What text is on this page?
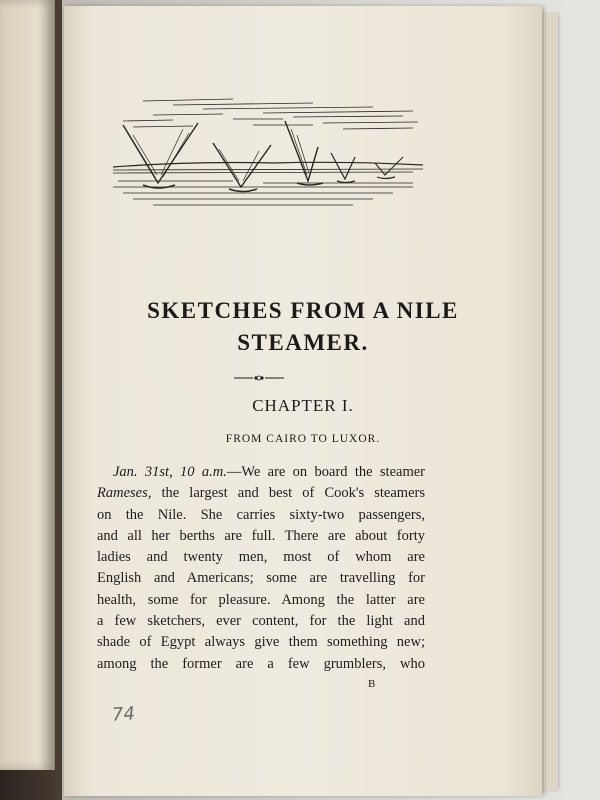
SKETCHES FROM A NILE
STEAMER.
CHAPTER I.
FROM CAIRO TO LUXOR.
Jan. 31st, 10 a.m.—We are on board the steamer
Rameses, the largest and best of Cook's steamers
on the Nile. She carries sixty-two passengers,
and all her berths are full. There are about forty
ladies and twenty men, most of whom are
English and Americans; some are travelling for
health, some for pleasure. Among the latter are
a few sketchers, ever content, for the light and
shade of Egypt always give them something new;
among the former are a few grumblers, who
B
74
